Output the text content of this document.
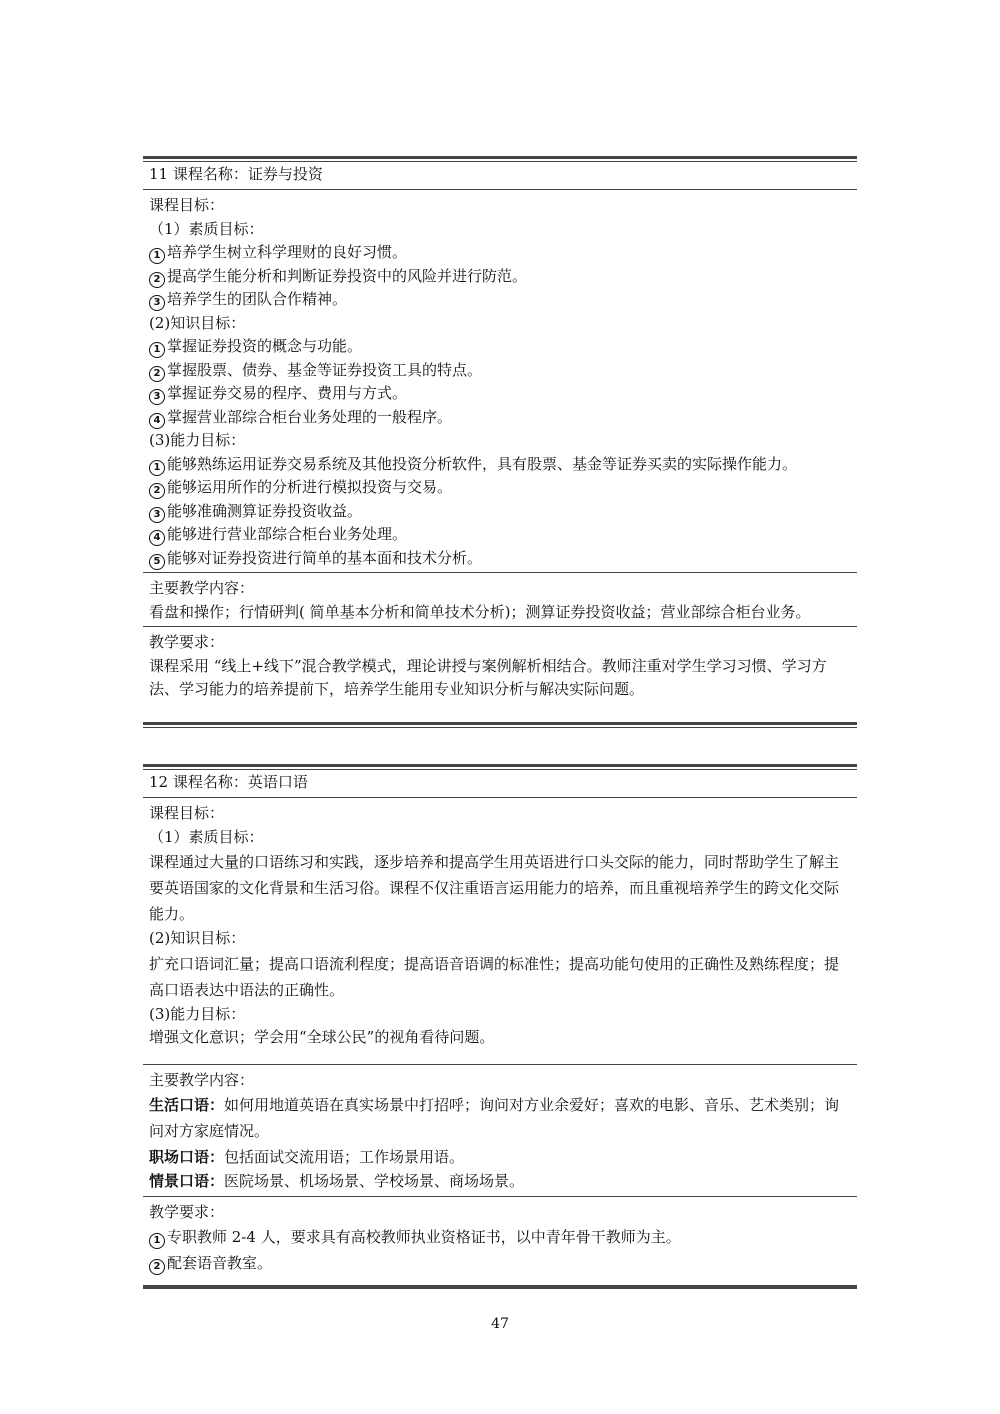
11 课程名称：证券与投资
课程目标：
（1）素质目标：
1 培养学生树立科学理财的良好习惯。
2 提高学生能分析和判断证券投资中的风险并进行防范。
3 培养学生的团队合作精神。
(2)知识目标：
1 掌握证券投资的概念与功能。
2 掌握股票、债券、基金等证券投资工具的特点。
3 掌握证券交易的程序、费用与方式。
4 掌握营业部综合柜台业务处理的一般程序。
(3)能力目标：
1 能够熟练运用证券交易系统及其他投资分析软件，具有股票、基金等证券买卖的实际操作能力。
2 能够运用所作的分析进行模拟投资与交易。
3 能够准确测算证券投资收益。
4 能够进行营业部综合柜台业务处理。
5 能够对证券投资进行简单的基本面和技术分析。
主要教学内容：
看盘和操作；行情研判( 简单基本分析和简单技术分析)；测算证券投资收益；营业部综合柜台业务。
教学要求：
课程采用 “线上+线下”混合教学模式，理论讲授与案例解析相结合。教师注重对学生学习习惯、学习方法、学习能力的培养提前下，培养学生能用专业知识分析与解决实际问题。
12 课程名称：英语口语
课程目标：
（1）素质目标：
课程通过大量的口语练习和实践，逐步培养和提高学生用英语进行口头交际的能力，同时帮助学生了解主要英语国家的文化背景和生活习俗。课程不仅注重语言运用能力的培养，而且重视培养学生的跨文化交际能力。
(2)知识目标：
扩充口语词汇量；提高口语流利程度；提高语音语调的标准性；提高功能句使用的正确性及熟练程度；提高口语表达中语法的正确性。
(3)能力目标：
增强文化意识；学会用“全球公民”的视角看待问题。
主要教学内容：
生活口语：如何用地道英语在真实场景中打招呼；询问对方业余爱好；喜欢的电影、音乐、艺术类别；询问对方家庭情况。
职场口语：包括面试交流用语；工作场景用语。
情景口语：医院场景、机场场景、学校场景、商场场景。
教学要求：
1 专职教师 2-4 人，要求具有高校教师执业资格证书，以中青年骨干教师为主。
2 配套语音教室。
47
